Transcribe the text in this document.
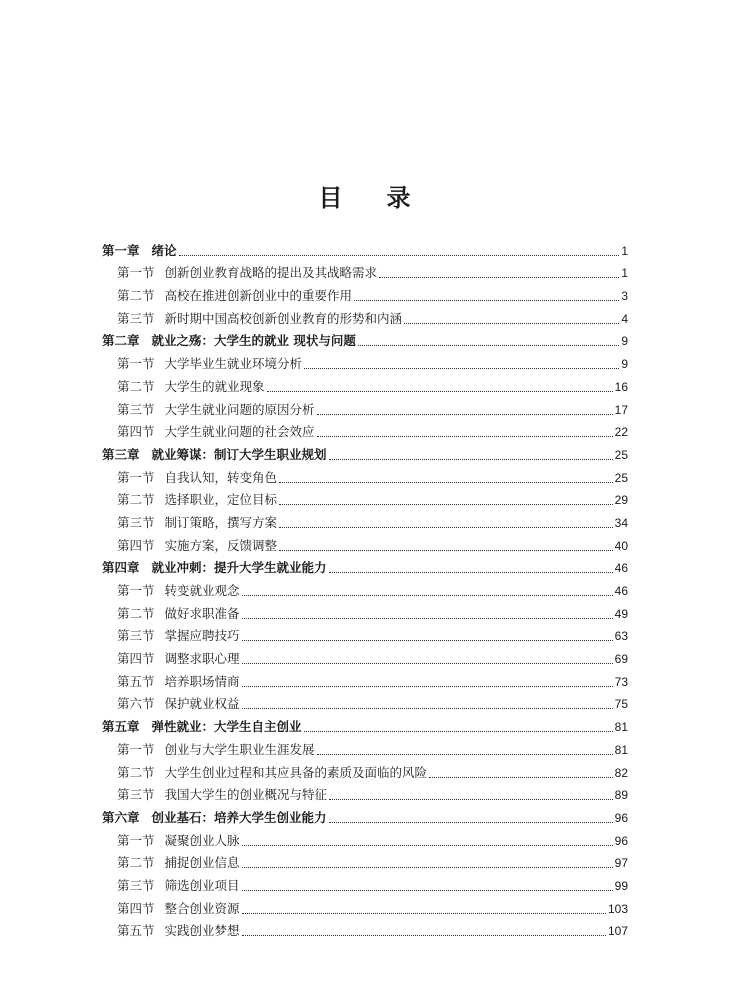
目 录
第一章 绪论	1
第一节 创新创业教育战略的提出及其战略需求	1
第二节 高校在推进创新创业中的重要作用	3
第三节 新时期中国高校创新创业教育的形势和内涵	4
第二章 就业之殇：大学生的就业 现状与问题	9
第一节 大学毕业生就业环境分析	9
第二节 大学生的就业现象	16
第三节 大学生就业问题的原因分析	17
第四节 大学生就业问题的社会效应	22
第三章 就业筹谋：制订大学生职业规划	25
第一节 自我认知，转变角色	25
第二节 选择职业，定位目标	29
第三节 制订策略，撰写方案	34
第四节 实施方案，反馈调整	40
第四章 就业冲刺：提升大学生就业能力	46
第一节 转变就业观念	46
第二节 做好求职准备	49
第三节 掌握应聘技巧	63
第四节 调整求职心理	69
第五节 培养职场情商	73
第六节 保护就业权益	75
第五章 弹性就业：大学生自主创业	81
第一节 创业与大学生职业生涯发展	81
第二节 大学生创业过程和其应具备的素质及面临的风险	82
第三节 我国大学生的创业概况与特征	89
第六章 创业基石：培养大学生创业能力	96
第一节 凝聚创业人脉	96
第二节 捕捉创业信息	97
第三节 筛选创业项目	99
第四节 整合创业资源	103
第五节 实践创业梦想	107
